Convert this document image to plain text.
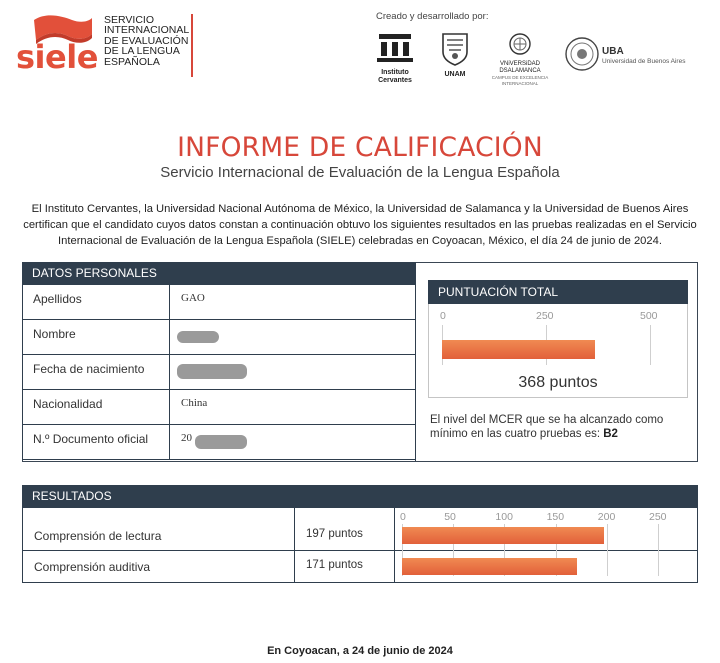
siele
SERVICIO
INTERNACIONAL
DE EVALUACIÓN
DE LA LENGUA
ESPAÑOLA
Creado y desarrollado por:
Instituto
Cervantes
UNAM
VNiVERSiDAD
DSALAMANCA
CAMPUS DE EXCELENCIA INTERNACIONAL
UBA
Universidad de Buenos Aires
INFORME DE CALIFICACIÓN
Servicio Internacional de Evaluación de la Lengua Española
El Instituto Cervantes, la Universidad Nacional Autónoma de México, la Universidad de Salamanca y la Universidad de Buenos Aires certifican que el candidato cuyos datos constan a continuación obtuvo los siguientes resultados en las pruebas realizadas en el Servicio Internacional de Evaluación de la Lengua Española (SIELE) celebradas en Coyoacan, México, el día 24 de junio de 2024.
DATOS PERSONALES
Apellidos	GAO
Nombre
Fecha de nacimiento
Nacionalidad	China
N.º Documento oficial	20
PUNTUACIÓN TOTAL
0	250	500
368 puntos
El nivel del MCER que se ha alcanzado como mínimo en las cuatro pruebas es: B2
RESULTADOS
Comprensión de lectura	197 puntos
Comprensión auditiva	171 puntos
0	50	100	150	200	250
En Coyoacan, a 24 de junio de 2024
